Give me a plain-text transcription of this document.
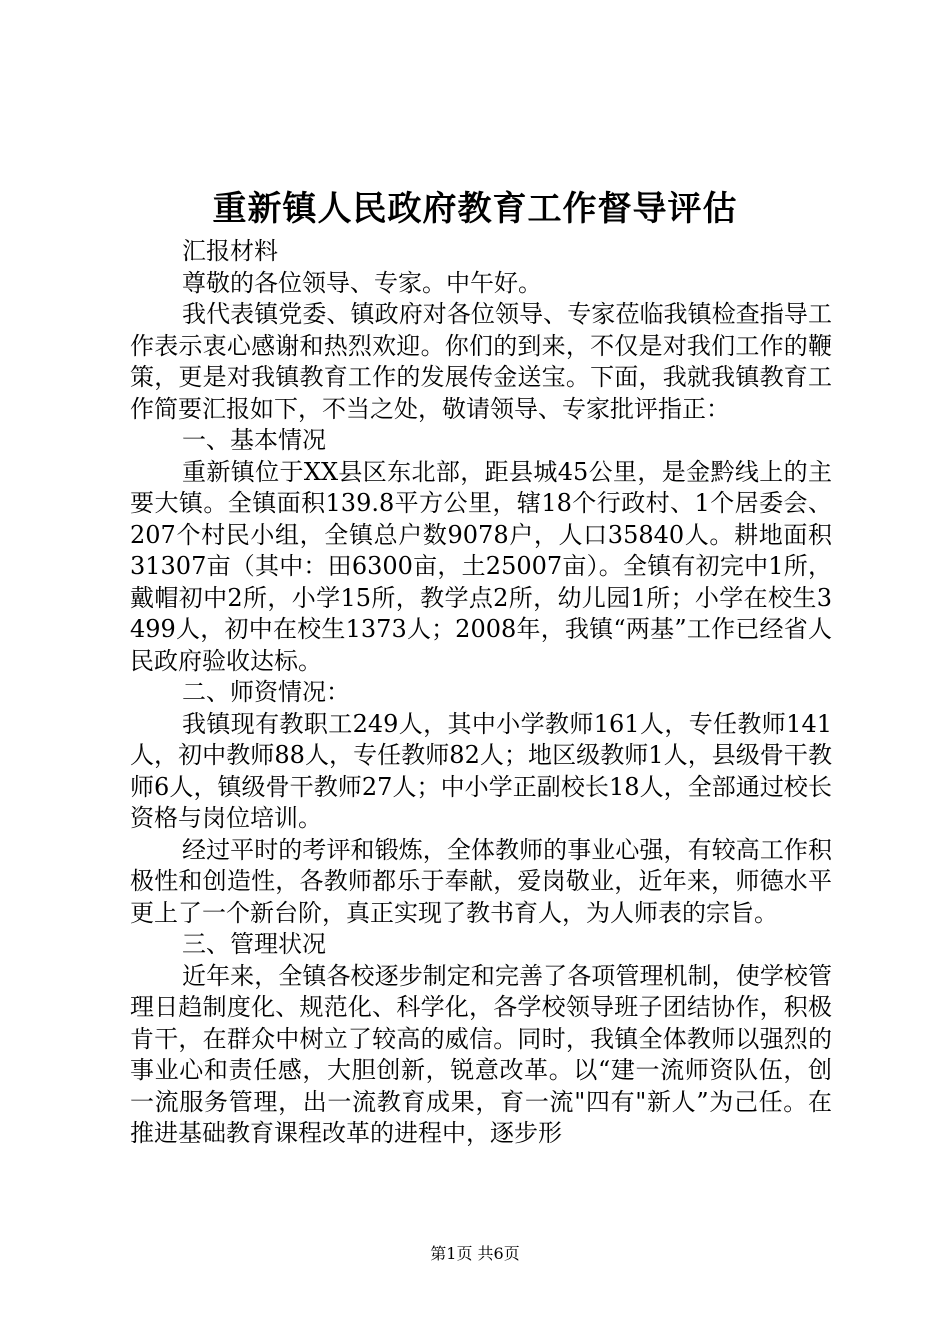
重新镇人民政府教育工作督导评估

汇报材料

尊敬的各位领导、专家。中午好。

我代表镇党委、镇政府对各位领导、专家莅临我镇检查指导工作表示衷心感谢和热烈欢迎。你们的到来，不仅是对我们工作的鞭策，更是对我镇教育工作的发展传金送宝。下面，我就我镇教育工作简要汇报如下，不当之处，敬请领导、专家批评指正：

一、基本情况

重新镇位于XX县区东北部，距县城45公里，是金黔线上的主要大镇。全镇面积139.8平方公里，辖18个行政村、1个居委会、207个村民小组，全镇总户数9078户，人口35840人。耕地面积31307亩（其中：田6300亩，土25007亩）。全镇有初完中1所，戴帽初中2所，小学15所，教学点2所，幼儿园1所；小学在校生3499人，初中在校生1373人；2008年，我镇“两基”工作已经省人民政府验收达标。

二、师资情况：

我镇现有教职工249人，其中小学教师161人，专任教师141人，初中教师88人，专任教师82人；地区级教师1人，县级骨干教师6人，镇级骨干教师27人；中小学正副校长18人，全部通过校长资格与岗位培训。

经过平时的考评和锻炼，全体教师的事业心强，有较高工作积极性和创造性，各教师都乐于奉献，爱岗敬业，近年来，师德水平更上了一个新台阶，真正实现了教书育人，为人师表的宗旨。

三、管理状况

近年来，全镇各校逐步制定和完善了各项管理机制，使学校管理日趋制度化、规范化、科学化，各学校领导班子团结协作，积极肯干，在群众中树立了较高的威信。同时，我镇全体教师以强烈的事业心和责任感，大胆创新，锐意改革。以“建一流师资队伍，创一流服务管理，出一流教育成果，育一流"四有"新人”为己任。在推进基础教育课程改革的进程中，逐步形

第1页 共6页
